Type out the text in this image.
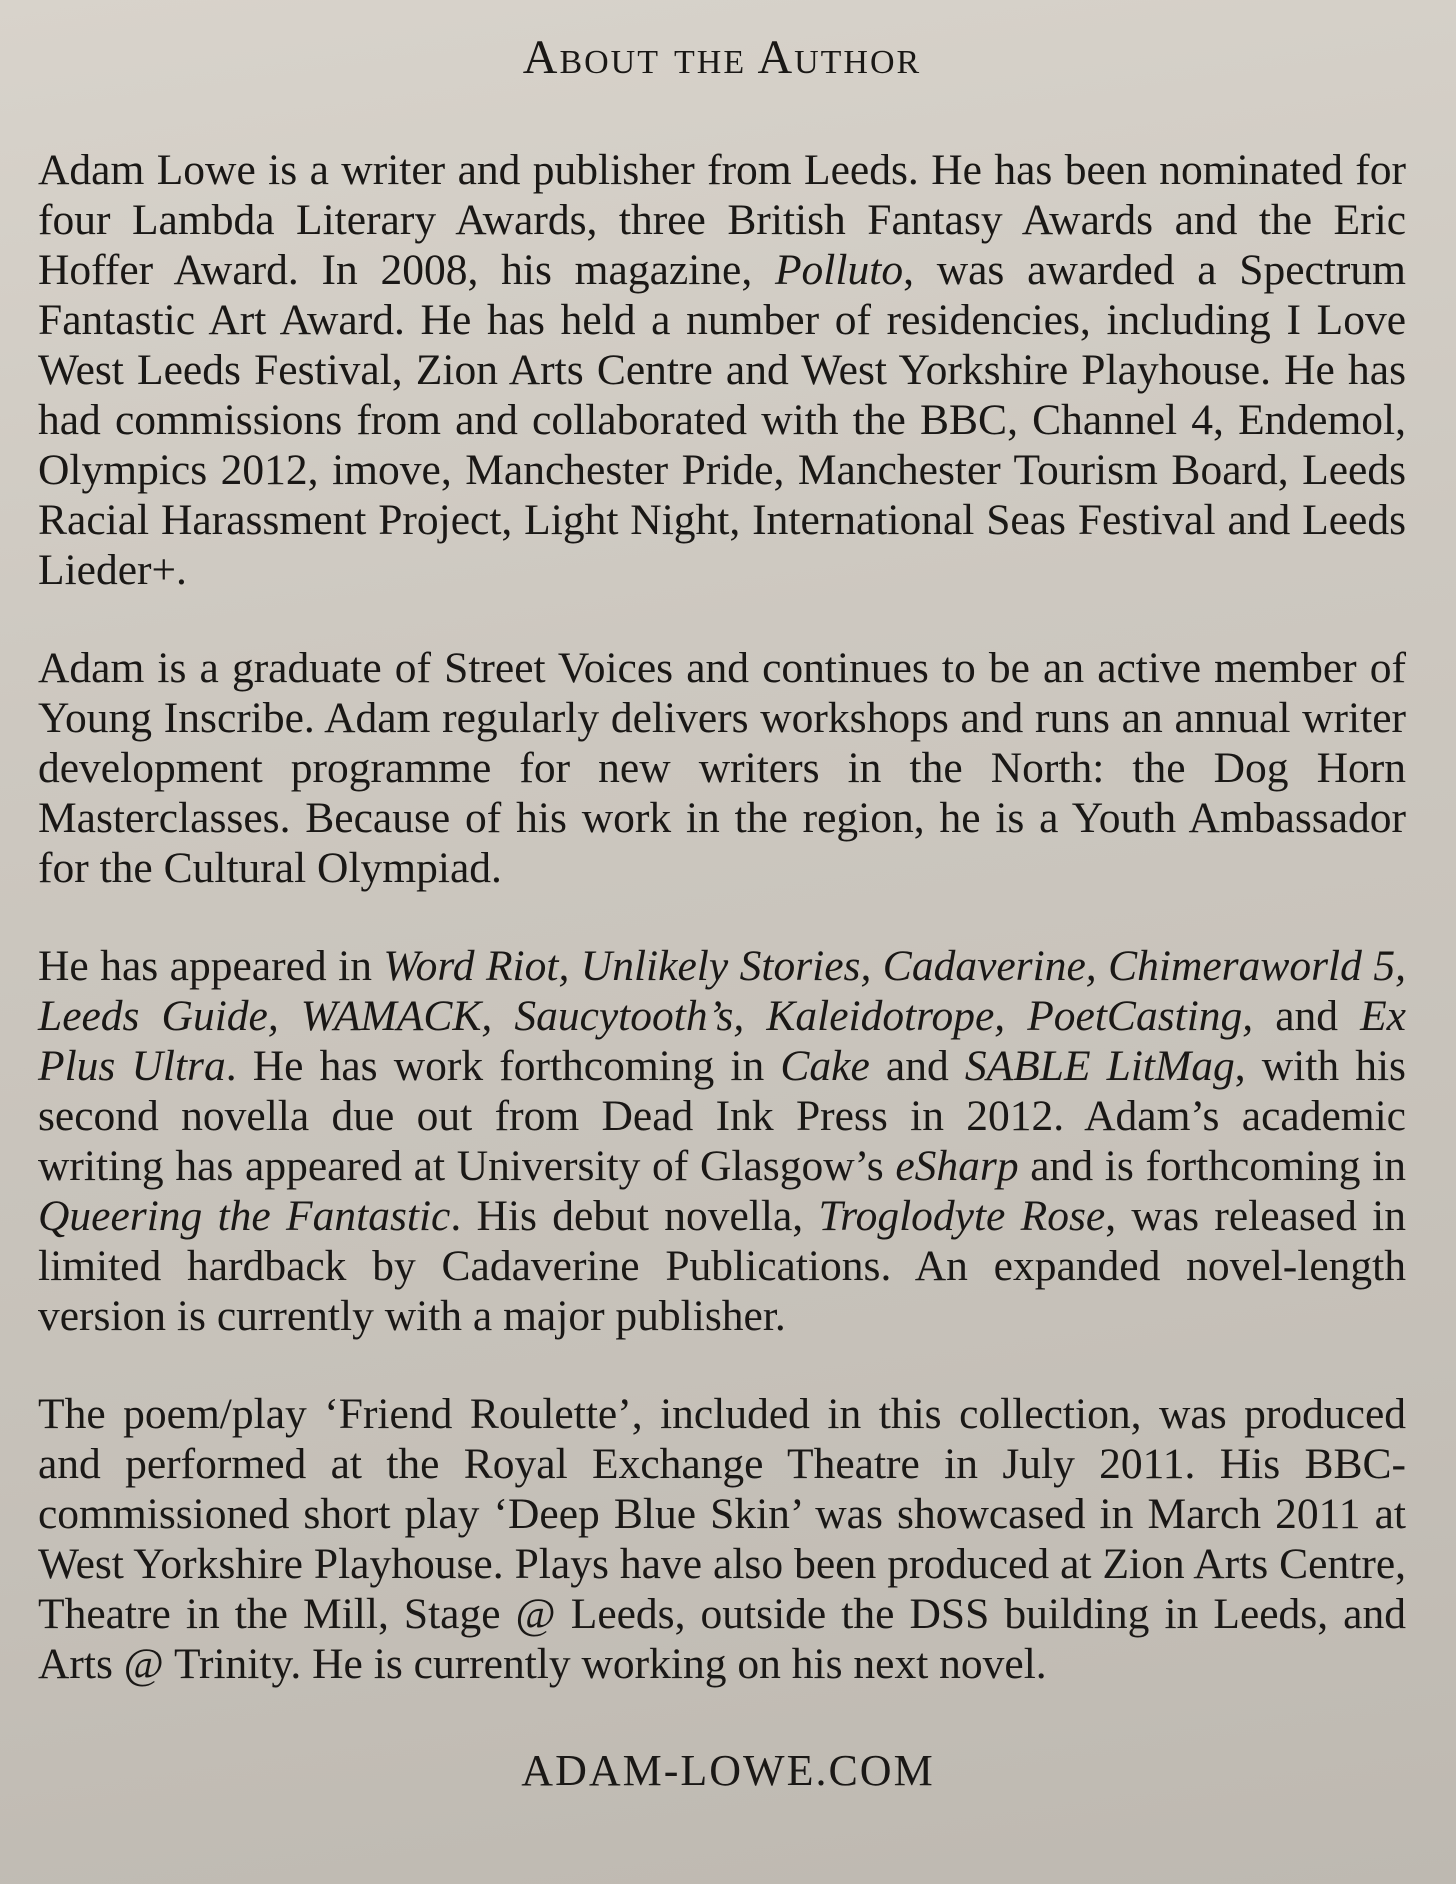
About the Author

Adam Lowe is a writer and publisher from Leeds. He has been nominated for four Lambda Literary Awards, three British Fantasy Awards and the Eric Hoffer Award. In 2008, his magazine, Polluto, was awarded a Spectrum Fantastic Art Award. He has held a number of residencies, including I Love West Leeds Festival, Zion Arts Centre and West Yorkshire Playhouse. He has had commissions from and collaborated with the BBC, Channel 4, Endemol, Olympics 2012, imove, Manchester Pride, Manchester Tourism Board, Leeds Racial Harassment Project, Light Night, International Seas Festival and Leeds Lieder+.

Adam is a graduate of Street Voices and continues to be an active member of Young Inscribe. Adam regularly delivers workshops and runs an annual writer development programme for new writers in the North: the Dog Horn Masterclasses. Because of his work in the region, he is a Youth Ambassador for the Cultural Olympiad.

He has appeared in Word Riot, Unlikely Stories, Cadaverine, Chimeraworld 5, Leeds Guide, WAMACK, Saucytooth’s, Kaleidotrope, PoetCasting, and Ex Plus Ultra. He has work forthcoming in Cake and SABLE LitMag, with his second novella due out from Dead Ink Press in 2012. Adam’s academic writing has appeared at University of Glasgow’s eSharp and is forthcoming in Queering the Fantastic. His debut novella, Troglodyte Rose, was released in limited hardback by Cadaverine Publications. An expanded novel-length version is currently with a major publisher.

The poem/play ‘Friend Roulette’, included in this collection, was produced and performed at the Royal Exchange Theatre in July 2011. His BBC-commissioned short play ‘Deep Blue Skin’ was showcased in March 2011 at West Yorkshire Playhouse. Plays have also been produced at Zion Arts Centre, Theatre in the Mill, Stage @ Leeds, outside the DSS building in Leeds, and Arts @ Trinity. He is currently working on his next novel.

ADAM-LOWE.COM
